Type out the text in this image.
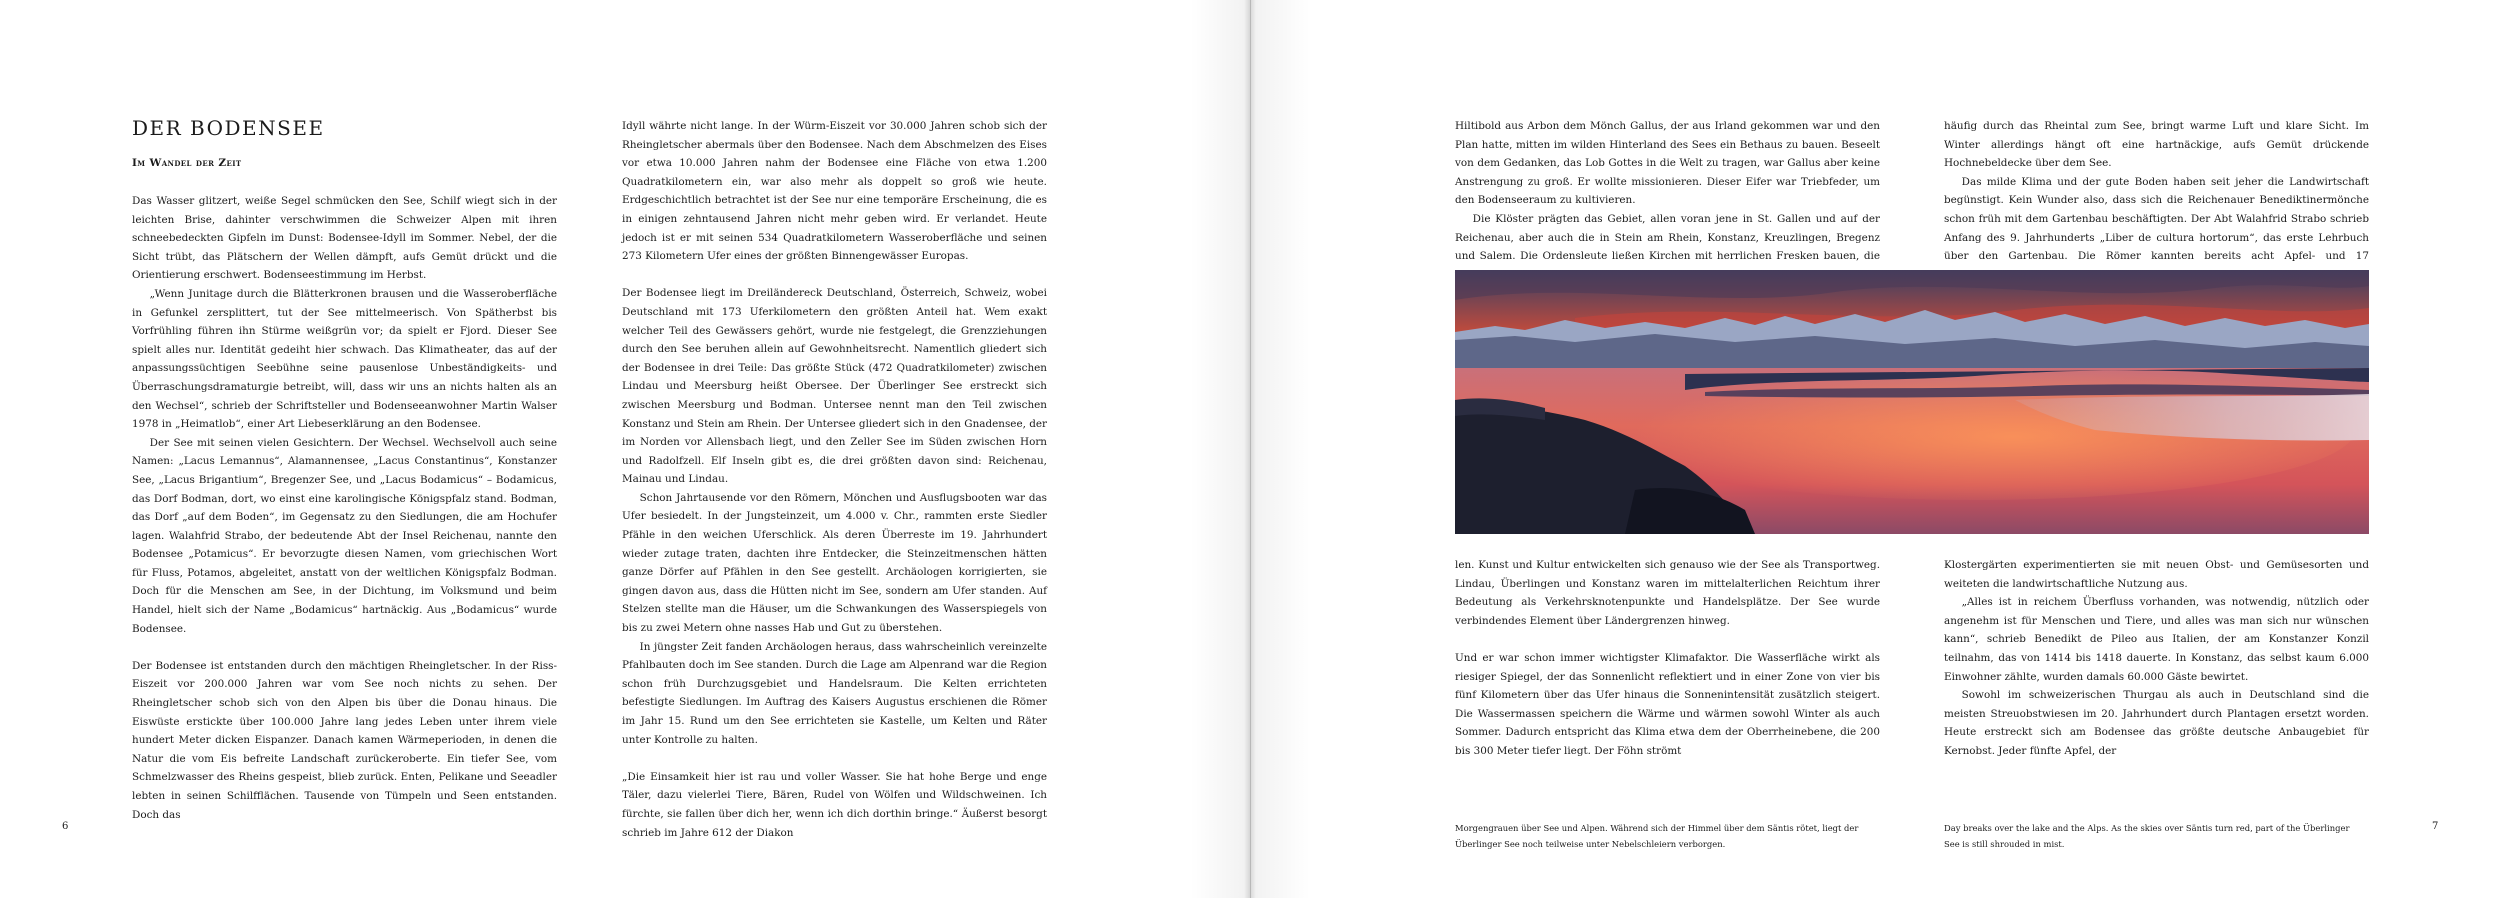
DER BODENSEE
Im Wandel der Zeit

Das Wasser glitzert, weiße Segel schmücken den See, Schilf wiegt sich in der leichten Brise, dahinter verschwimmen die Schweizer Alpen mit ihren schneebedeckten Gipfeln im Dunst: Bodensee-Idyll im Sommer. Nebel, der die Sicht trübt, das Plätschern der Wellen dämpft, aufs Gemüt drückt und die Orientierung erschwert. Bodenseestimmung im Herbst.

„Wenn Junitage durch die Blätterkronen brausen und die Wasseroberfläche in Gefunkel zersplittert, tut der See mittelmeerisch. Von Spätherbst bis Vorfrühling führen ihn Stürme weißgrün vor; da spielt er Fjord. Dieser See spielt alles nur. Identität gedeiht hier schwach. Das Klimatheater, das auf der anpassungssüchtigen Seebühne seine pausenlose Unbeständigkeits- und Überraschungsdramaturgie betreibt, will, dass wir uns an nichts halten als an den Wechsel“, schrieb der Schriftsteller und Bodenseeanwohner Martin Walser 1978 in „Heimatlob“, einer Art Liebeserklärung an den Bodensee.

Der See mit seinen vielen Gesichtern. Der Wechsel. Wechselvoll auch seine Namen: „Lacus Lemannus“, Alamannensee, „Lacus Constantinus“, Konstanzer See, „Lacus Brigantium“, Bregenzer See, und „Lacus Bodamicus“ – Bodamicus, das Dorf Bodman, dort, wo einst eine karolingische Königspfalz stand. Bodman, das Dorf „auf dem Boden“, im Gegensatz zu den Siedlungen, die am Hochufer lagen. Walahfrid Strabo, der bedeutende Abt der Insel Reichenau, nannte den Bodensee „Potamicus“. Er bevorzugte diesen Namen, vom griechischen Wort für Fluss, Potamos, abgeleitet, anstatt von der weltlichen Königspfalz Bodman. Doch für die Menschen am See, in der Dichtung, im Volksmund und beim Handel, hielt sich der Name „Bodamicus“ hartnäckig. Aus „Bodamicus“ wurde Bodensee.

Der Bodensee ist entstanden durch den mächtigen Rheingletscher. In der Riss-Eiszeit vor 200.000 Jahren war vom See noch nichts zu sehen. Der Rheingletscher schob sich von den Alpen bis über die Donau hinaus. Die Eiswüste erstickte über 100.000 Jahre lang jedes Leben unter ihrem viele hundert Meter dicken Eispanzer. Danach kamen Wärmeperioden, in denen die Natur die vom Eis befreite Landschaft zurückeroberte. Ein tiefer See, vom Schmelzwasser des Rheins gespeist, blieb zurück. Enten, Pelikane und Seeadler lebten in seinen Schilfflächen. Tausende von Tümpeln und Seen entstanden. Doch das

Idyll währte nicht lange. In der Würm-Eiszeit vor 30.000 Jahren schob sich der Rheingletscher abermals über den Bodensee. Nach dem Abschmelzen des Eises vor etwa 10.000 Jahren nahm der Bodensee eine Fläche von etwa 1.200 Quadratkilometern ein, war also mehr als doppelt so groß wie heute. Erdgeschichtlich betrachtet ist der See nur eine temporäre Erscheinung, die es in einigen zehntausend Jahren nicht mehr geben wird. Er verlandet. Heute jedoch ist er mit seinen 534 Quadratkilometern Wasseroberfläche und seinen 273 Kilometern Ufer eines der größten Binnengewässer Europas.

Der Bodensee liegt im Dreiländereck Deutschland, Österreich, Schweiz, wobei Deutschland mit 173 Uferkilometern den größten Anteil hat. Wem exakt welcher Teil des Gewässers gehört, wurde nie festgelegt, die Grenzziehungen durch den See beruhen allein auf Gewohnheitsrecht. Namentlich gliedert sich der Bodensee in drei Teile: Das größte Stück (472 Quadratkilometer) zwischen Lindau und Meersburg heißt Obersee. Der Überlinger See erstreckt sich zwischen Meersburg und Bodman. Untersee nennt man den Teil zwischen Konstanz und Stein am Rhein. Der Untersee gliedert sich in den Gnadensee, der im Norden vor Allensbach liegt, und den Zeller See im Süden zwischen Horn und Radolfzell. Elf Inseln gibt es, die drei größten davon sind: Reichenau, Mainau und Lindau.

Schon Jahrtausende vor den Römern, Mönchen und Ausflugsbooten war das Ufer besiedelt. In der Jungsteinzeit, um 4.000 v. Chr., rammten erste Siedler Pfähle in den weichen Uferschlick. Als deren Überreste im 19. Jahrhundert wieder zutage traten, dachten ihre Entdecker, die Steinzeitmenschen hätten ganze Dörfer auf Pfählen in den See gestellt. Archäologen korrigierten, sie gingen davon aus, dass die Hütten nicht im See, sondern am Ufer standen. Auf Stelzen stellte man die Häuser, um die Schwankungen des Wasserspiegels von bis zu zwei Metern ohne nasses Hab und Gut zu überstehen.

In jüngster Zeit fanden Archäologen heraus, dass wahrscheinlich vereinzelte Pfahlbauten doch im See standen. Durch die Lage am Alpenrand war die Region schon früh Durchzugsgebiet und Handelsraum. Die Kelten errichteten befestigte Siedlungen. Im Auftrag des Kaisers Augustus erschienen die Römer im Jahr 15. Rund um den See errichteten sie Kastelle, um Kelten und Räter unter Kontrolle zu halten.

„Die Einsamkeit hier ist rau und voller Wasser. Sie hat hohe Berge und enge Täler, dazu vielerlei Tiere, Bären, Rudel von Wölfen und Wildschweinen. Ich fürchte, sie fallen über dich her, wenn ich dich dorthin bringe.“ Äußerst besorgt schrieb im Jahre 612 der Diakon

6

Hiltibold aus Arbon dem Mönch Gallus, der aus Irland gekommen war und den Plan hatte, mitten im wilden Hinterland des Sees ein Bethaus zu bauen. Beseelt von dem Gedanken, das Lob Gottes in die Welt zu tragen, war Gallus aber keine Anstrengung zu groß. Er wollte missionieren. Dieser Eifer war Triebfeder, um den Bodenseeraum zu kultivieren.

Die Klöster prägten das Gebiet, allen voran jene in St. Gallen und auf der Reichenau, aber auch die in Stein am Rhein, Konstanz, Kreuzlingen, Bregenz und Salem. Die Ordensleute ließen Kirchen mit herrlichen Fresken bauen, die

häufig durch das Rheintal zum See, bringt warme Luft und klare Sicht. Im Winter allerdings hängt oft eine hartnäckige, aufs Gemüt drückende Hochnebeldecke über dem See.

Das milde Klima und der gute Boden haben seit jeher die Landwirtschaft begünstigt. Kein Wunder also, dass sich die Reichenauer Benediktinermönche schon früh mit dem Gartenbau beschäftigten. Der Abt Walahfrid Strabo schrieb Anfang des 9. Jahrhunderts „Liber de cultura hortorum“, das erste Lehrbuch über den Gartenbau. Die Römer kannten bereits acht Apfel- und 17

len. Kunst und Kultur entwickelten sich genauso wie der See als Transportweg. Lindau, Überlingen und Konstanz waren im mittelalterlichen Reichtum ihrer Bedeutung als Verkehrsknotenpunkte und Handelsplätze. Der See wurde verbindendes Element über Ländergrenzen hinweg.

Und er war schon immer wichtigster Klimafaktor. Die Wasserfläche wirkt als riesiger Spiegel, der das Sonnenlicht reflektiert und in einer Zone von vier bis fünf Kilometern über das Ufer hinaus die Sonnenintensität zusätzlich steigert. Die Wassermassen speichern die Wärme und wärmen sowohl Winter als auch Sommer. Dadurch entspricht das Klima etwa dem der Oberrheinebene, die 200 bis 300 Meter tiefer liegt. Der Föhn strömt

Klostergärten experimentierten sie mit neuen Obst- und Gemüsesorten und weiteten die landwirtschaftliche Nutzung aus.

„Alles ist in reichem Überfluss vorhanden, was notwendig, nützlich oder angenehm ist für Menschen und Tiere, und alles was man sich nur wünschen kann“, schrieb Benedikt de Pileo aus Italien, der am Konstanzer Konzil teilnahm, das von 1414 bis 1418 dauerte. In Konstanz, das selbst kaum 6.000 Einwohner zählte, wurden damals 60.000 Gäste bewirtet.

Sowohl im schweizerischen Thurgau als auch in Deutschland sind die meisten Streuobstwiesen im 20. Jahrhundert durch Plantagen ersetzt worden. Heute erstreckt sich am Bodensee das größte deutsche Anbaugebiet für Kernobst. Jeder fünfte Apfel, der

Morgengrauen über See und Alpen. Während sich der Himmel über dem Säntis rötet, liegt der Überlinger See noch teilweise unter Nebelschleiern verborgen.

Day breaks over the lake and the Alps. As the skies over Säntis turn red, part of the Überlinger See is still shrouded in mist.

7
